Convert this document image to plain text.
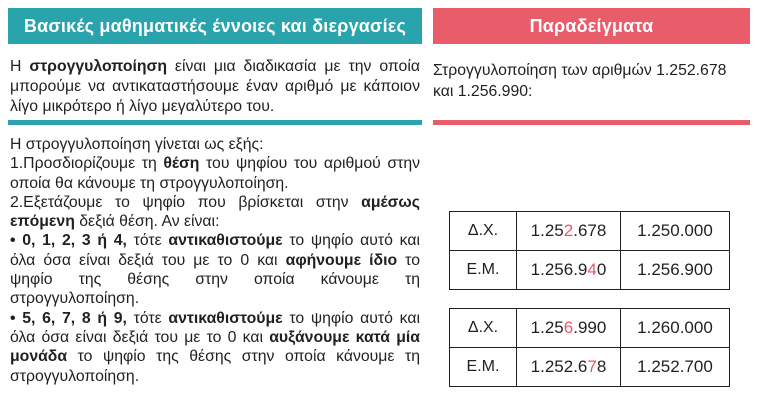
Βασικές μαθηματικές έννοιες και διεργασίες

Η στρογγυλοποίηση είναι μια διαδικασία με την οποία μπορούμε να αντικαταστήσουμε έναν αριθμό με κάποιον λίγο μικρότερο ή λίγο μεγαλύτερο του.

Η στρογγυλοποίηση γίνεται ως εξής:

1.Προσδιορίζουμε τη θέση του ψηφίου του αριθμού στην οποία θα κάνουμε τη στρογγυλοποίηση.

2.Εξετάζουμε το ψηφίο που βρίσκεται στην αμέσως επόμενη δεξιά θέση. Αν είναι:

• 0, 1, 2, 3 ή 4, τότε αντικαθιστούμε το ψηφίο αυτό και όλα όσα είναι δεξιά του με το 0 και αφήνουμε ίδιο το ψηφίο της θέσης στην οποία κάνουμε τη στρογγυλοποίηση.

• 5, 6, 7, 8 ή 9, τότε αντικαθιστούμε το ψηφίο αυτό και όλα όσα είναι δεξιά του με το 0 και αυξάνουμε κατά μία μονάδα το ψηφίο της θέσης στην οποία κάνουμε τη στρογγυλοποίηση.

Παραδείγματα

Στρογγυλοποίηση των αριθμών 1.252.678 και 1.256.990:

Δ.Χ.	1.252.678	1.250.000
Ε.Μ.	1.256.940	1.256.900
Δ.Χ.	1.256.990	1.260.000
Ε.Μ.	1.252.678	1.252.700
